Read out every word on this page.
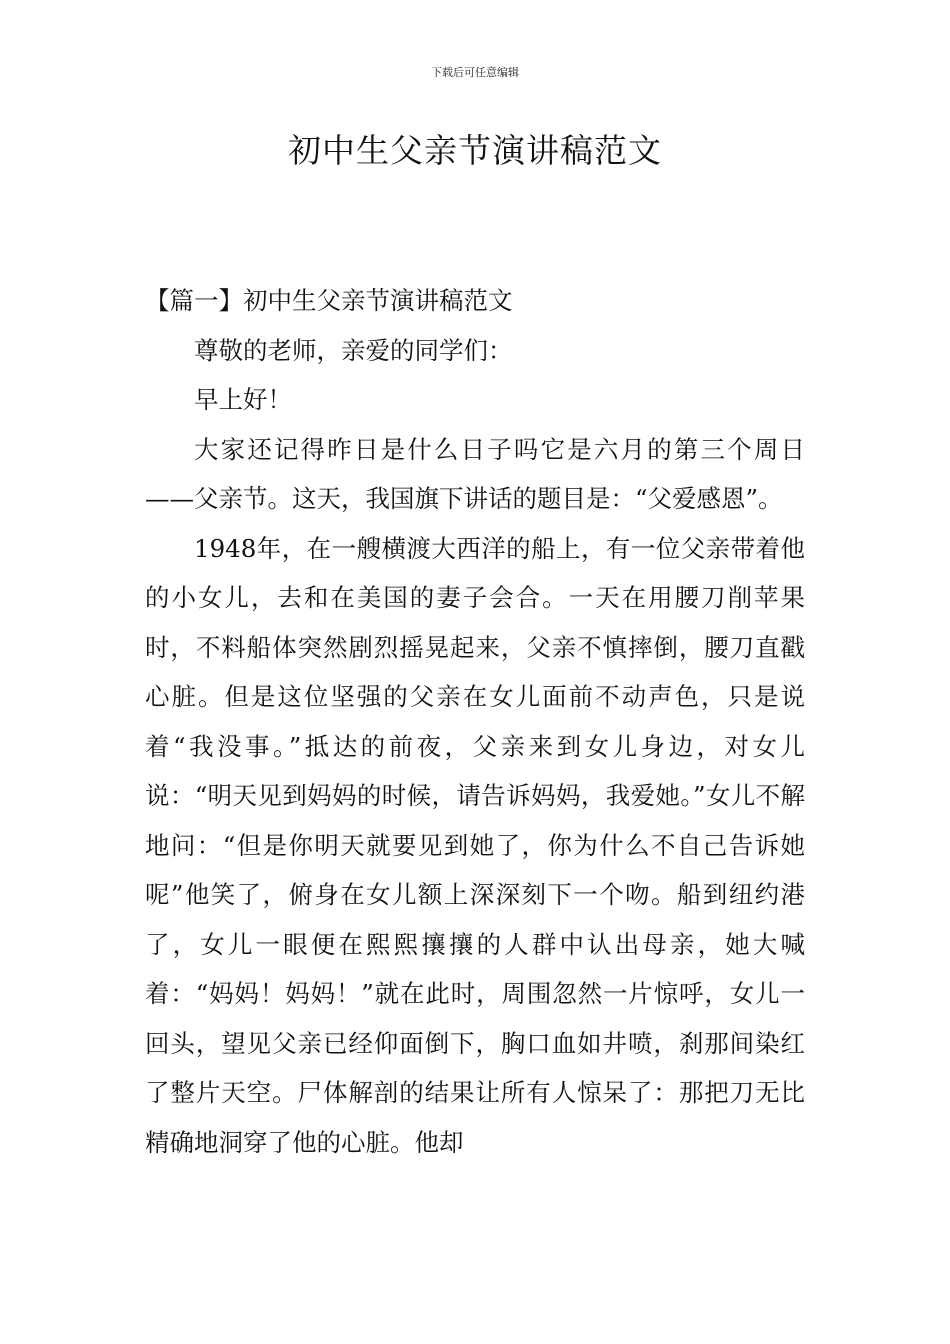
下载后可任意编辑
初中生父亲节演讲稿范文

【篇一】初中生父亲节演讲稿范文

尊敬的老师，亲爱的同学们：

早上好！

大家还记得昨日是什么日子吗它是六月的第三个周日——父亲节。这天，我国旗下讲话的题目是：“父爱感恩”。

1948年，在一艘横渡大西洋的船上，有一位父亲带着他的小女儿，去和在美国的妻子会合。一天在用腰刀削苹果时，不料船体突然剧烈摇晃起来，父亲不慎摔倒，腰刀直戳心脏。但是这位坚强的父亲在女儿面前不动声色，只是说着“我没事。”抵达的前夜，父亲来到女儿身边，对女儿说：“明天见到妈妈的时候，请告诉妈妈，我爱她。”女儿不解地问：“但是你明天就要见到她了，你为什么不自己告诉她呢”他笑了，俯身在女儿额上深深刻下一个吻。船到纽约港了，女儿一眼便在熙熙攘攘的人群中认出母亲，她大喊着：“妈妈！妈妈！”就在此时，周围忽然一片惊呼，女儿一回头，望见父亲已经仰面倒下，胸口血如井喷，刹那间染红了整片天空。尸体解剖的结果让所有人惊呆了：那把刀无比精确地洞穿了他的心脏。他却
